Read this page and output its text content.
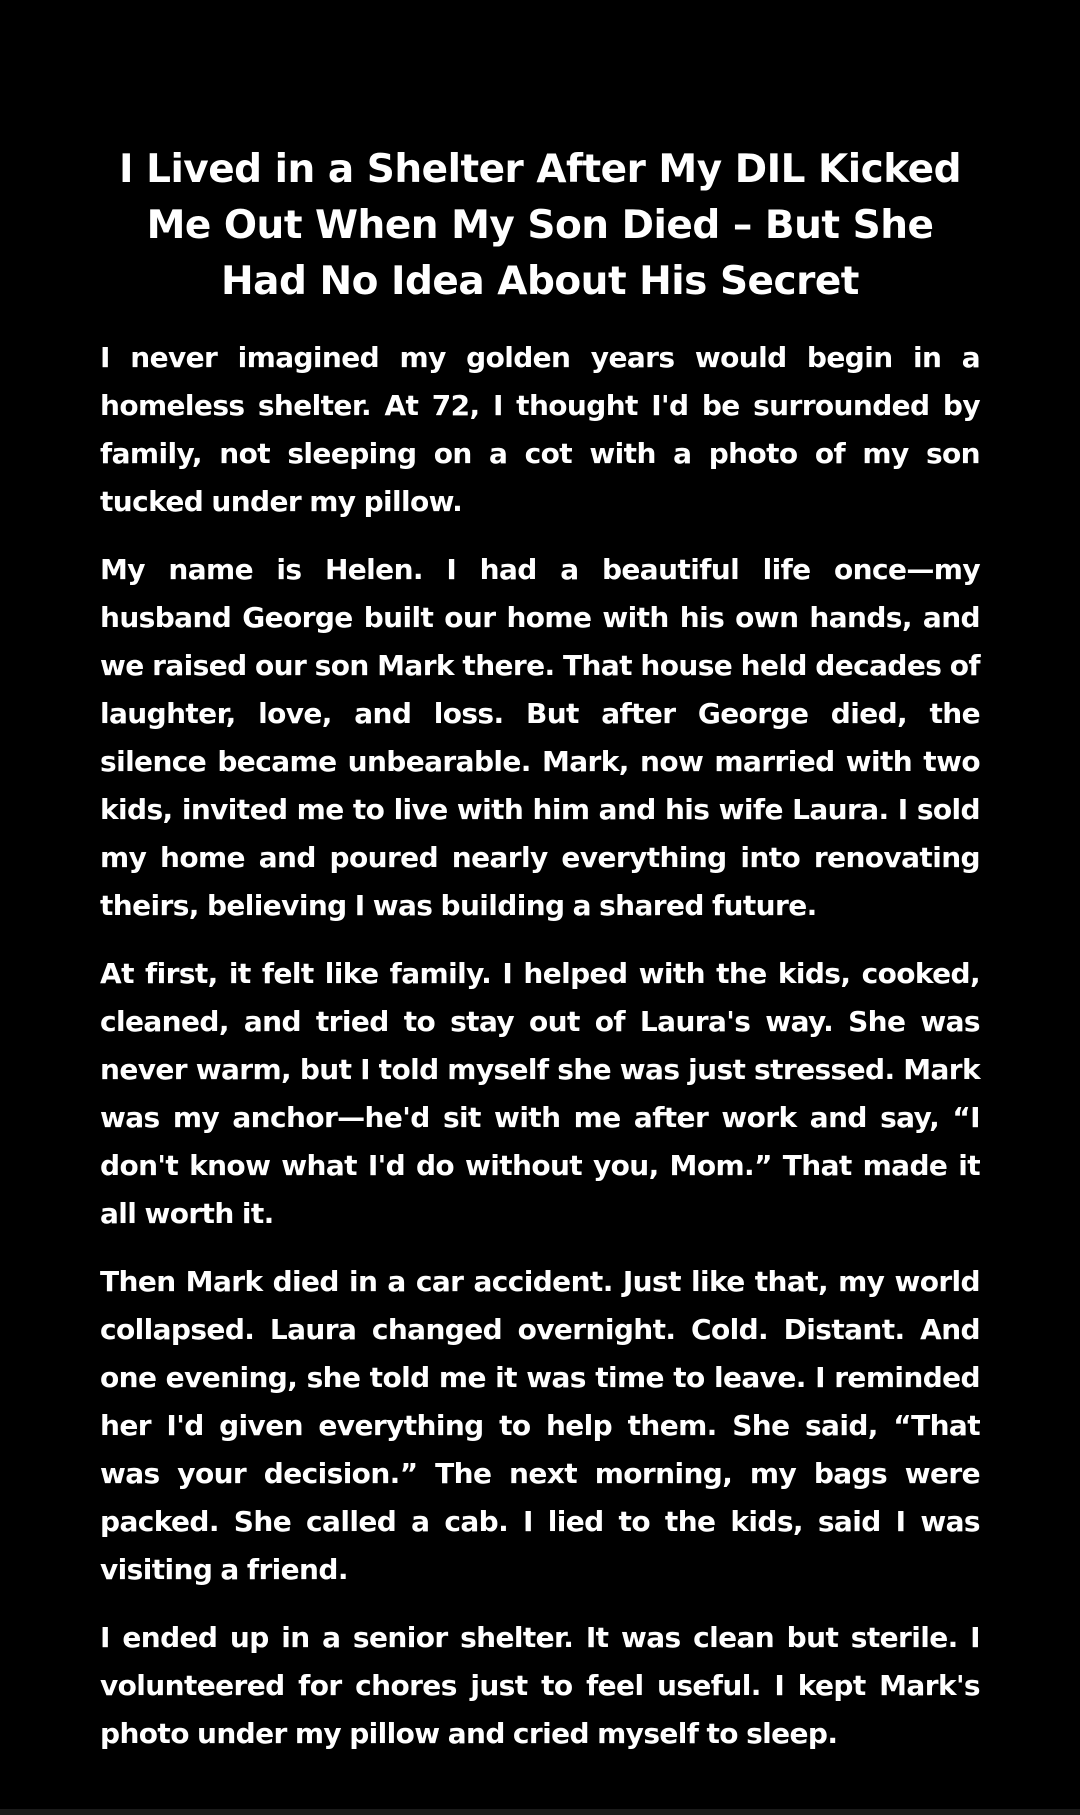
I Lived in a Shelter After My DIL Kicked Me Out When My Son Died – But She Had No Idea About His Secret

I never imagined my golden years would begin in a homeless shelter. At 72, I thought I'd be surrounded by family, not sleeping on a cot with a photo of my son tucked under my pillow.

My name is Helen. I had a beautiful life once—my husband George built our home with his own hands, and we raised our son Mark there. That house held decades of laughter, love, and loss. But after George died, the silence became unbearable. Mark, now married with two kids, invited me to live with him and his wife Laura. I sold my home and poured nearly everything into renovating theirs, believing I was building a shared future.

At first, it felt like family. I helped with the kids, cooked, cleaned, and tried to stay out of Laura's way. She was never warm, but I told myself she was just stressed. Mark was my anchor—he'd sit with me after work and say, “I don't know what I'd do without you, Mom.” That made it all worth it.

Then Mark died in a car accident. Just like that, my world collapsed. Laura changed overnight. Cold. Distant. And one evening, she told me it was time to leave. I reminded her I'd given everything to help them. She said, “That was your decision.” The next morning, my bags were packed. She called a cab. I lied to the kids, said I was visiting a friend.

I ended up in a senior shelter. It was clean but sterile. I volunteered for chores just to feel useful. I kept Mark's photo under my pillow and cried myself to sleep.
